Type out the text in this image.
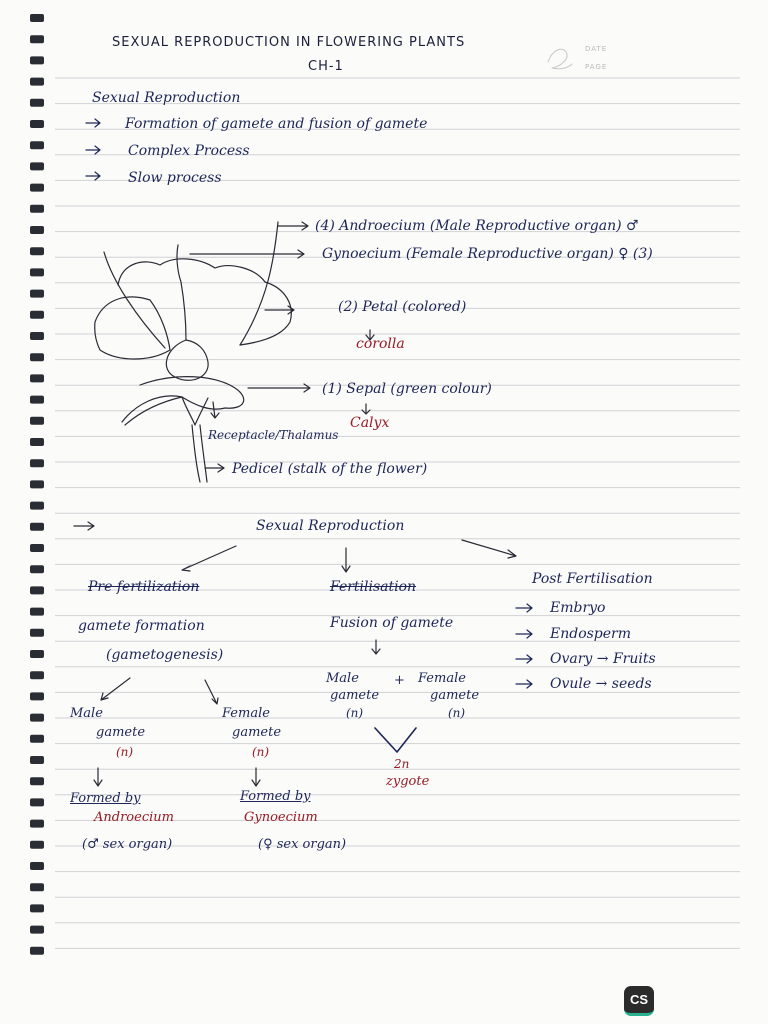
SEXUAL REPRODUCTION IN FLOWERING PLANTS

CH-1

DATE

PAGE

Sexual Reproduction

Formation of gamete and fusion of gamete

Complex Process

Slow process

(4) Androecium (Male Reproductive organ) ♂

Gynoecium (Female Reproductive organ) ♀ (3)

(2) Petal (colored)

corolla

(1) Sepal (green colour)

Calyx

Receptacle/Thalamus

Pedicel (stalk of the flower)

Sexual Reproduction

Pre fertilization

gamete formation

(gametogenesis)

Male

gamete

(n)

Formed by

Androecium

(♂ sex organ)

Female

gamete

(n)

Formed by

Gynoecium

(♀ sex organ)

Fertilisation

Fusion of gamete

Male

gamete

(n)

+ Female

gamete

(n)

2n

zygote

Post Fertilisation

Embryo

Endosperm

Ovary → Fruits

Ovule → seeds

CS
